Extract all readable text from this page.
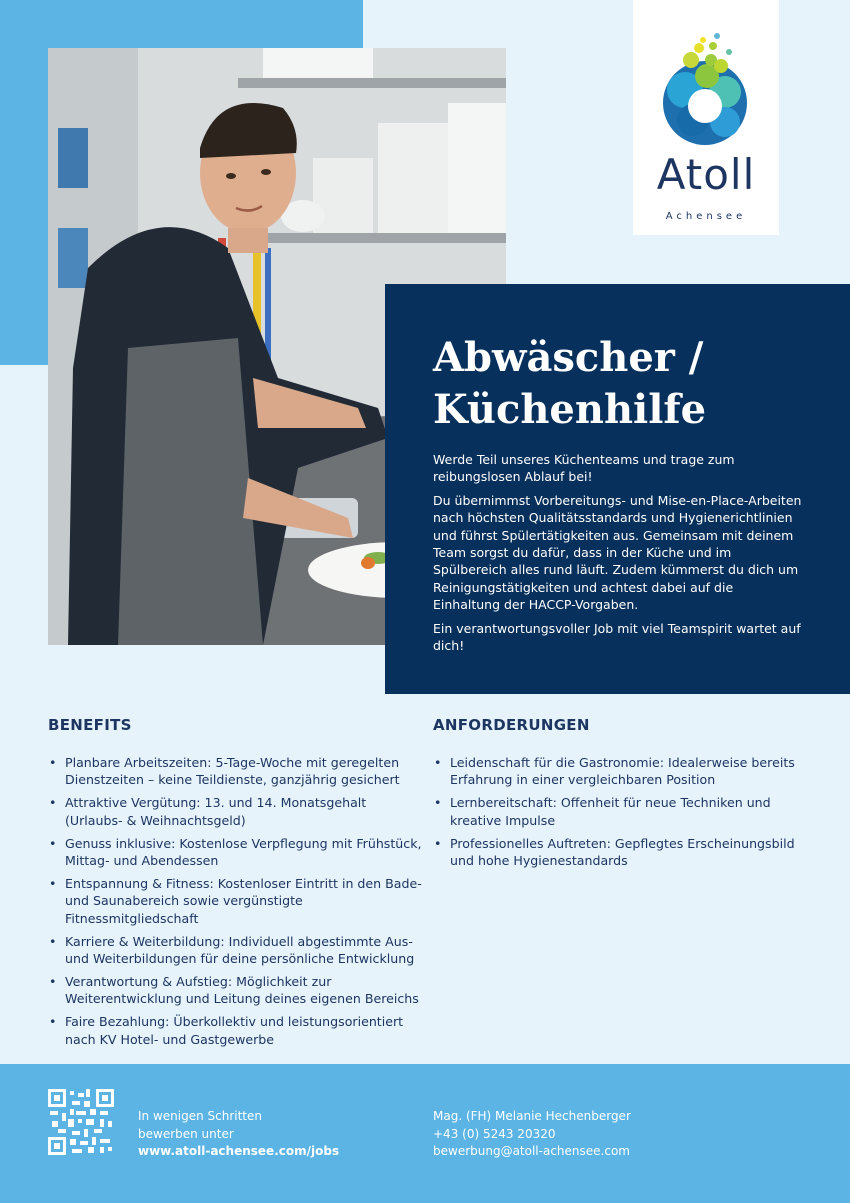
Atoll
Achensee
Abwäscher /
Küchenhilfe

Werde Teil unseres Küchenteams und trage zum reibungslosen Ablauf bei!

Du übernimmst Vorbereitungs- und Mise-en-Place-Arbeiten nach höchsten Qualitätsstandards und Hygienerichtlinien und führst Spülertätigkeiten aus. Gemeinsam mit deinem Team sorgst du dafür, dass in der Küche und im Spülbereich alles rund läuft. Zudem kümmerst du dich um Reinigungstätigkeiten und achtest dabei auf die Einhaltung der HACCP-Vorgaben.

Ein verantwortungsvoller Job mit viel Teamspirit wartet auf dich!

BENEFITS
• Planbare Arbeitszeiten: 5-Tage-Woche mit geregelten Dienstzeiten – keine Teildienste, ganzjährig gesichert
• Attraktive Vergütung: 13. und 14. Monatsgehalt (Urlaubs- & Weihnachtsgeld)
• Genuss inklusive: Kostenlose Verpflegung mit Frühstück, Mittag- und Abendessen
• Entspannung & Fitness: Kostenloser Eintritt in den Bade- und Saunabereich sowie vergünstigte Fitnessmitgliedschaft
• Karriere & Weiterbildung: Individuell abgestimmte Aus- und Weiterbildungen für deine persönliche Entwicklung
• Verantwortung & Aufstieg: Möglichkeit zur Weiterentwicklung und Leitung deines eigenen Bereichs
• Faire Bezahlung: Überkollektiv und leistungsorientiert nach KV Hotel- und Gastgewerbe
ANFORDERUNGEN
• Leidenschaft für die Gastronomie: Idealerweise bereits Erfahrung in einer vergleichbaren Position
• Lernbereitschaft: Offenheit für neue Techniken und kreative Impulse
• Professionelles Auftreten: Gepflegtes Erscheinungsbild und hohe Hygienestandards
In wenigen Schritten
bewerben unter
www.atoll-achensee.com/jobs
Mag. (FH) Melanie Hechenberger
+43 (0) 5243 20320
bewerbung@atoll-achensee.com
